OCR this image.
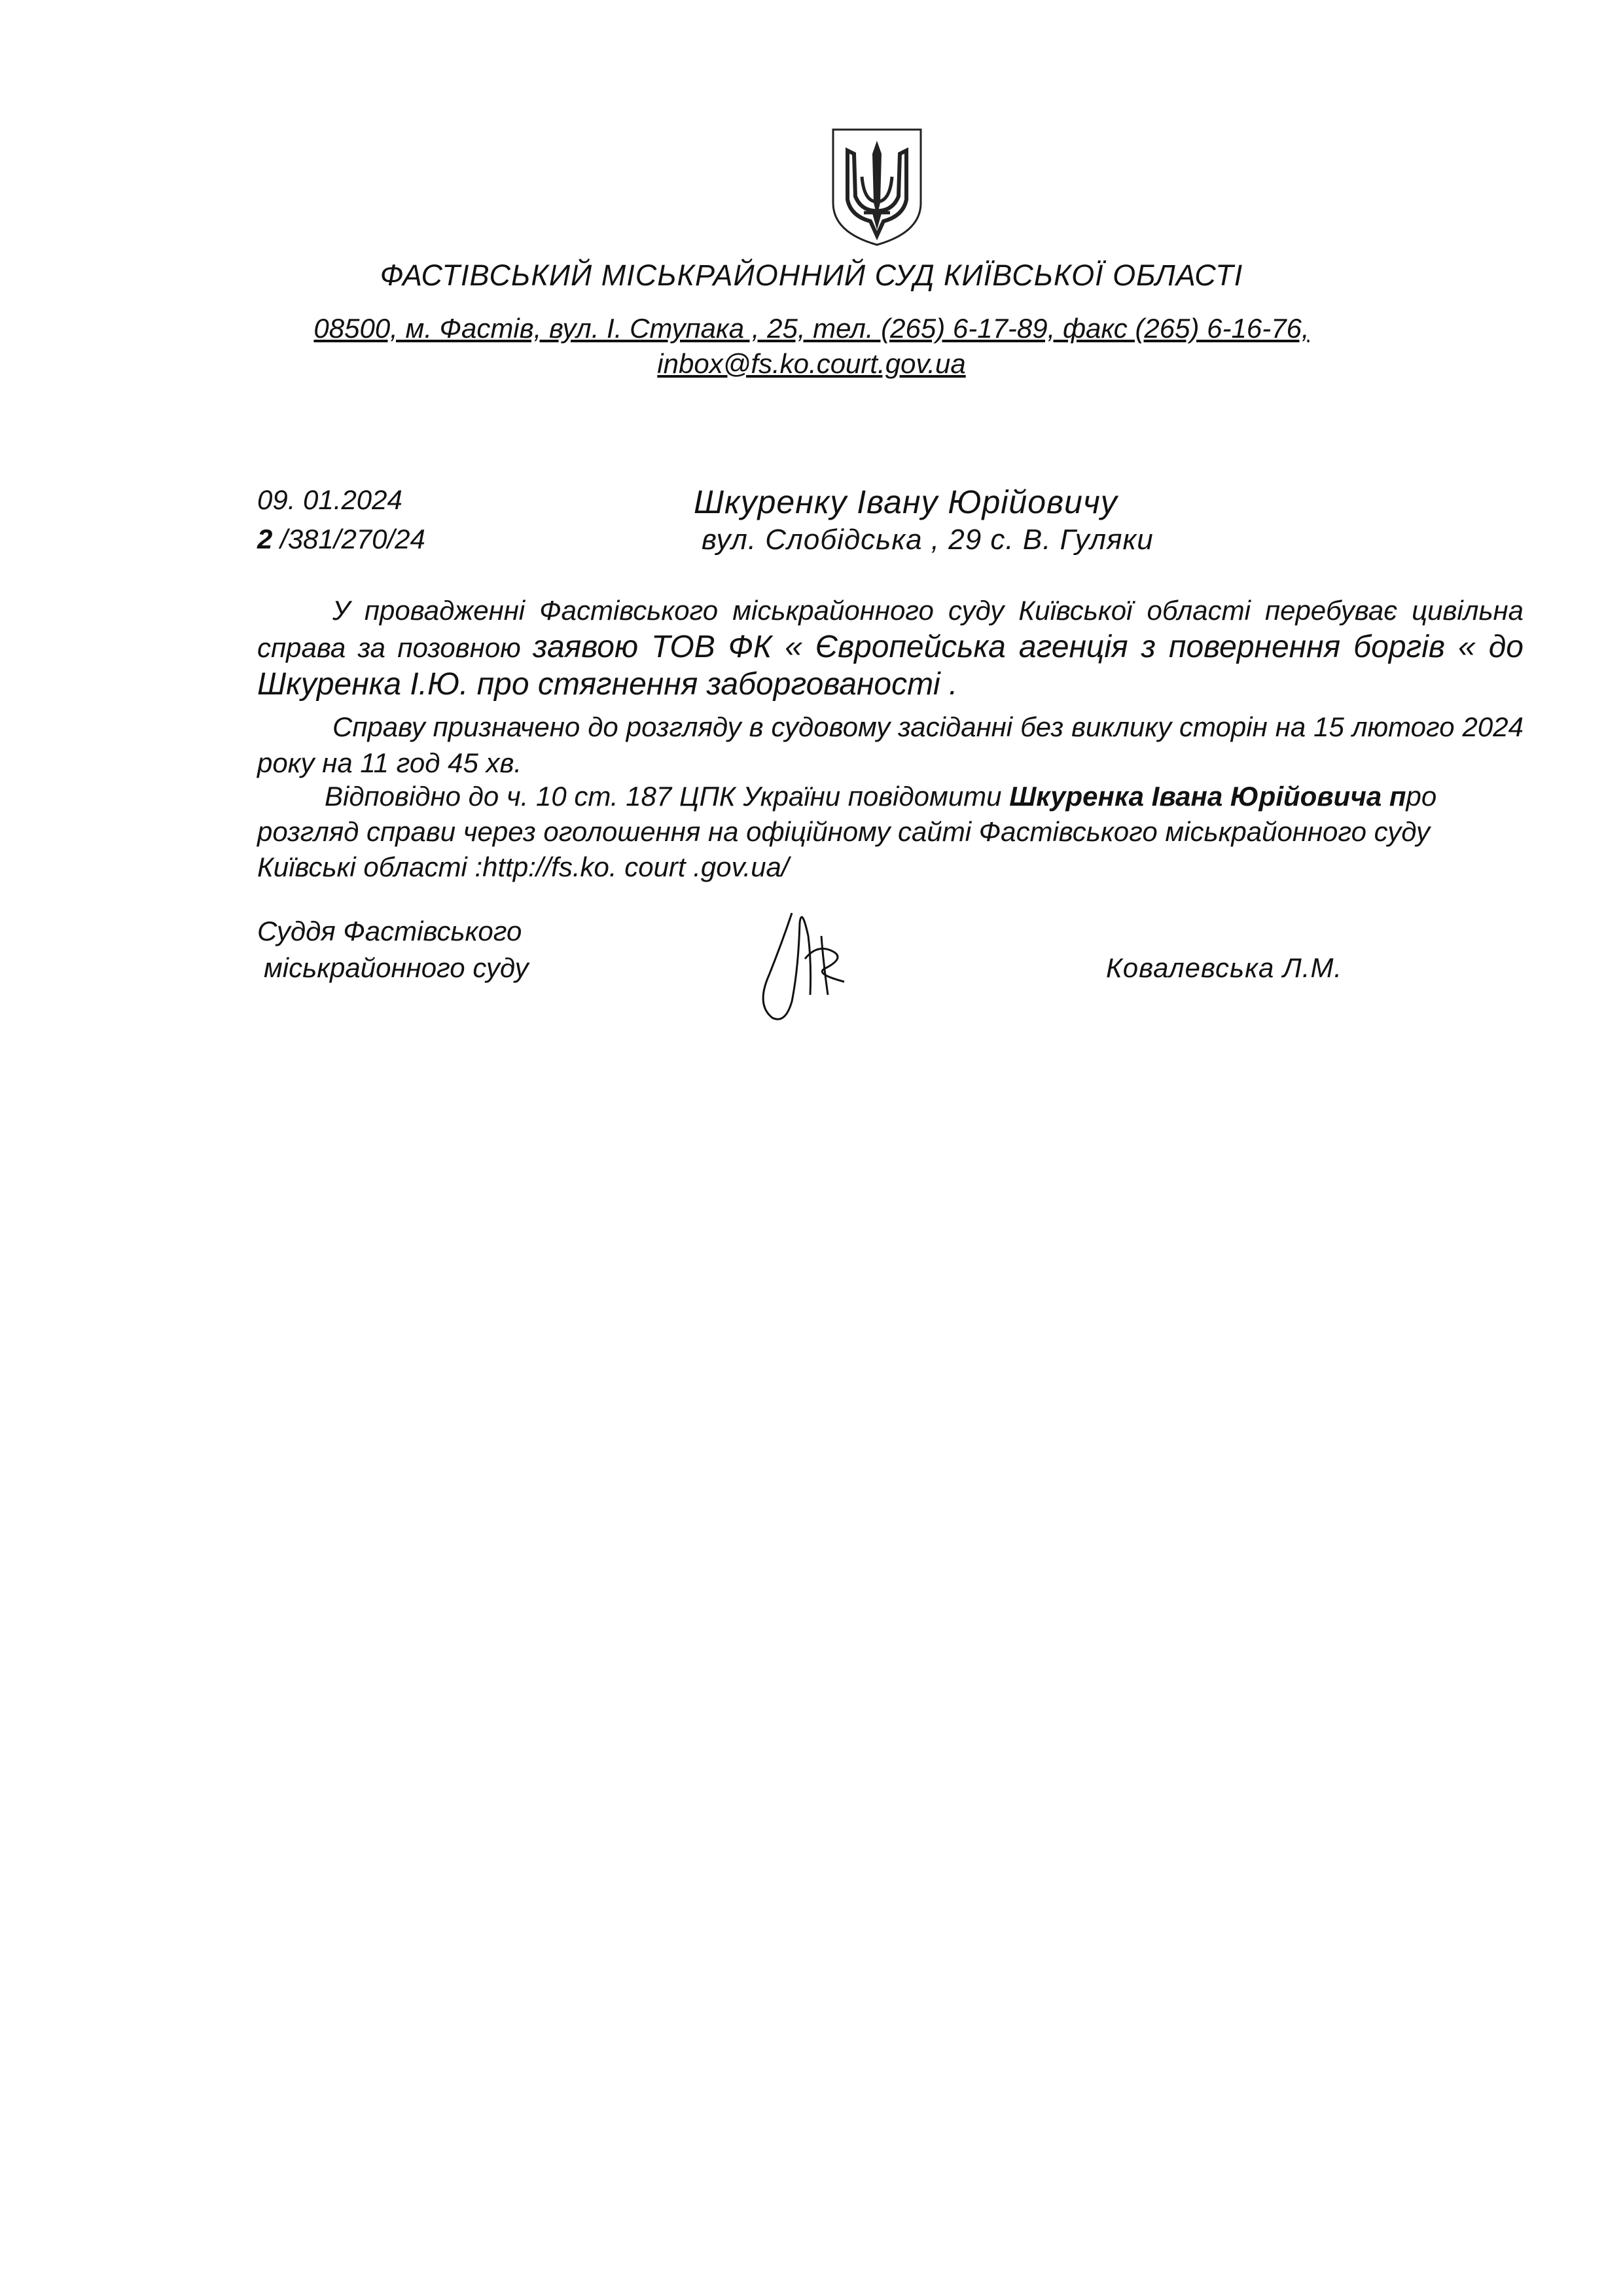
ФАСТІВСЬКИЙ МІСЬКРАЙОННИЙ СУД КИЇВСЬКОЇ ОБЛАСТІ
08500, м. Фастів, вул. І. Ступака , 25, тел. (265) 6-17-89, факс (265) 6-16-76,
inbox@fs.ko.court.gov.ua
09. 01.2024
2 /381/270/24
Шкуренку Івану Юрійовичу
вул. Слобідська , 29 с. В. Гуляки
У провадженні Фастівського міськрайонного суду Київської області перебуває цивільна справа за позовною заявою ТОВ ФК « Європейська агенція з повернення боргів « до Шкуренка І.Ю. про стягнення заборгованості .
Справу призначено до розгляду в судовому засіданні без виклику сторін на 15 лютого 2024 року на 11 год 45 хв.
Відповідно до ч. 10 ст. 187 ЦПК України повідомити Шкуренка Івана Юрійовича про розгляд справи через оголошення на офіційному сайті Фастівського міськрайонного суду Київські області :http://fs.ko. court .gov.ua/
Суддя Фастівського
міськрайонного суду	Ковалевська Л.М.
